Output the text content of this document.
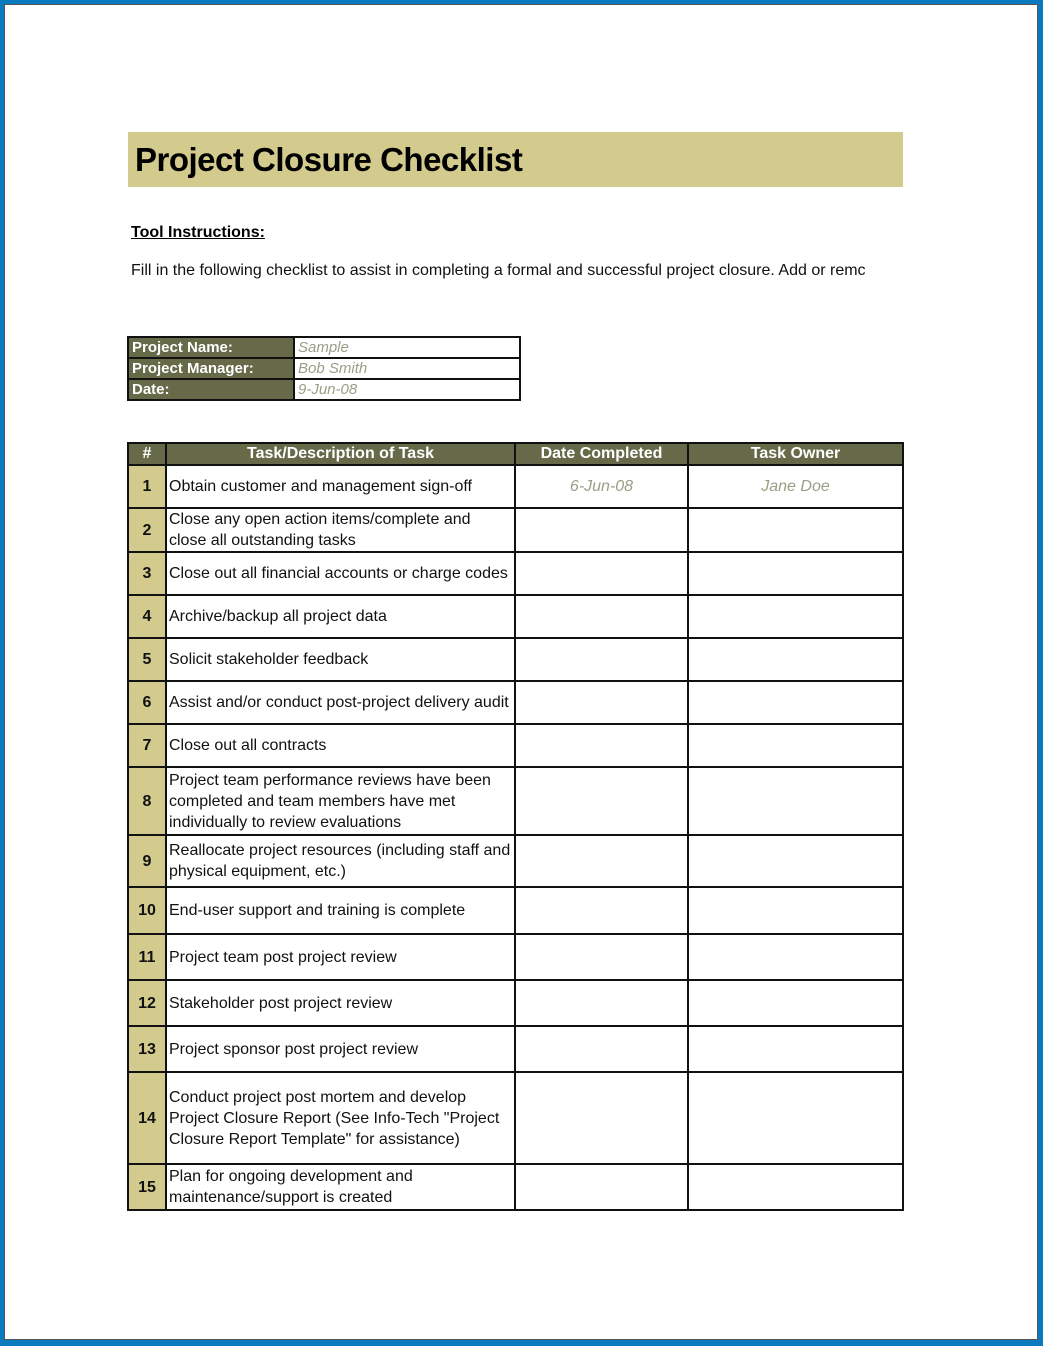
Project Closure Checklist
Tool Instructions:
Fill in the following checklist to assist in completing a formal and successful project closure. Add or remc
Project Name:	Sample
Project Manager:	Bob Smith
Date:	9-Jun-08
#	Task/Description of Task	Date Completed	Task Owner
1	Obtain customer and management sign-off	6-Jun-08	Jane Doe
2	Close any open action items/complete and close all outstanding tasks		
3	Close out all financial accounts or charge codes		
4	Archive/backup all project data		
5	Solicit stakeholder feedback		
6	Assist and/or conduct post-project delivery audit		
7	Close out all contracts		
8	Project team performance reviews have been completed and team members have met individually to review evaluations		
9	Reallocate project resources (including staff and physical equipment, etc.)		
10	End-user support and training is complete		
11	Project team post project review		
12	Stakeholder post project review		
13	Project sponsor post project review		
14	Conduct project post mortem and develop Project Closure Report (See Info-Tech "Project Closure Report Template" for assistance)		
15	Plan for ongoing development and maintenance/support is created		
